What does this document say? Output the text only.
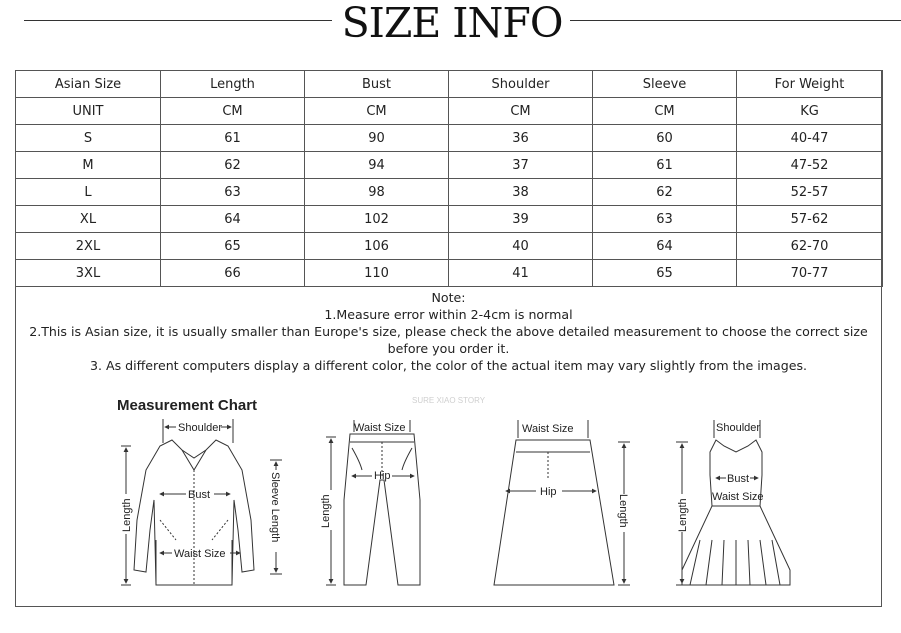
SIZE INFO
Asian Size	Length	Bust	Shoulder	Sleeve	For Weight
UNIT	CM	CM	CM	CM	KG
S	61	90	36	60	40-47
M	62	94	37	61	47-52
L	63	98	38	62	52-57
XL	64	102	39	63	57-62
2XL	65	106	40	64	62-70
3XL	66	110	41	65	70-77
Note:
1.Measure error within 2-4cm is normal
2.This is Asian size, it is usually smaller than Europe's size, please check the above detailed measurement to choose the correct size before you order it.
3. As different computers display a different color, the color of the actual item may vary slightly from the images.
Measurement Chart	SURE XIAO STORY
Shoulder
Bust
Waist Size
Length	Sleeve Length
Waist Size
Hip
Length
Waist Size
Hip
Length
Shoulder
Bust
Waist Size
Length
